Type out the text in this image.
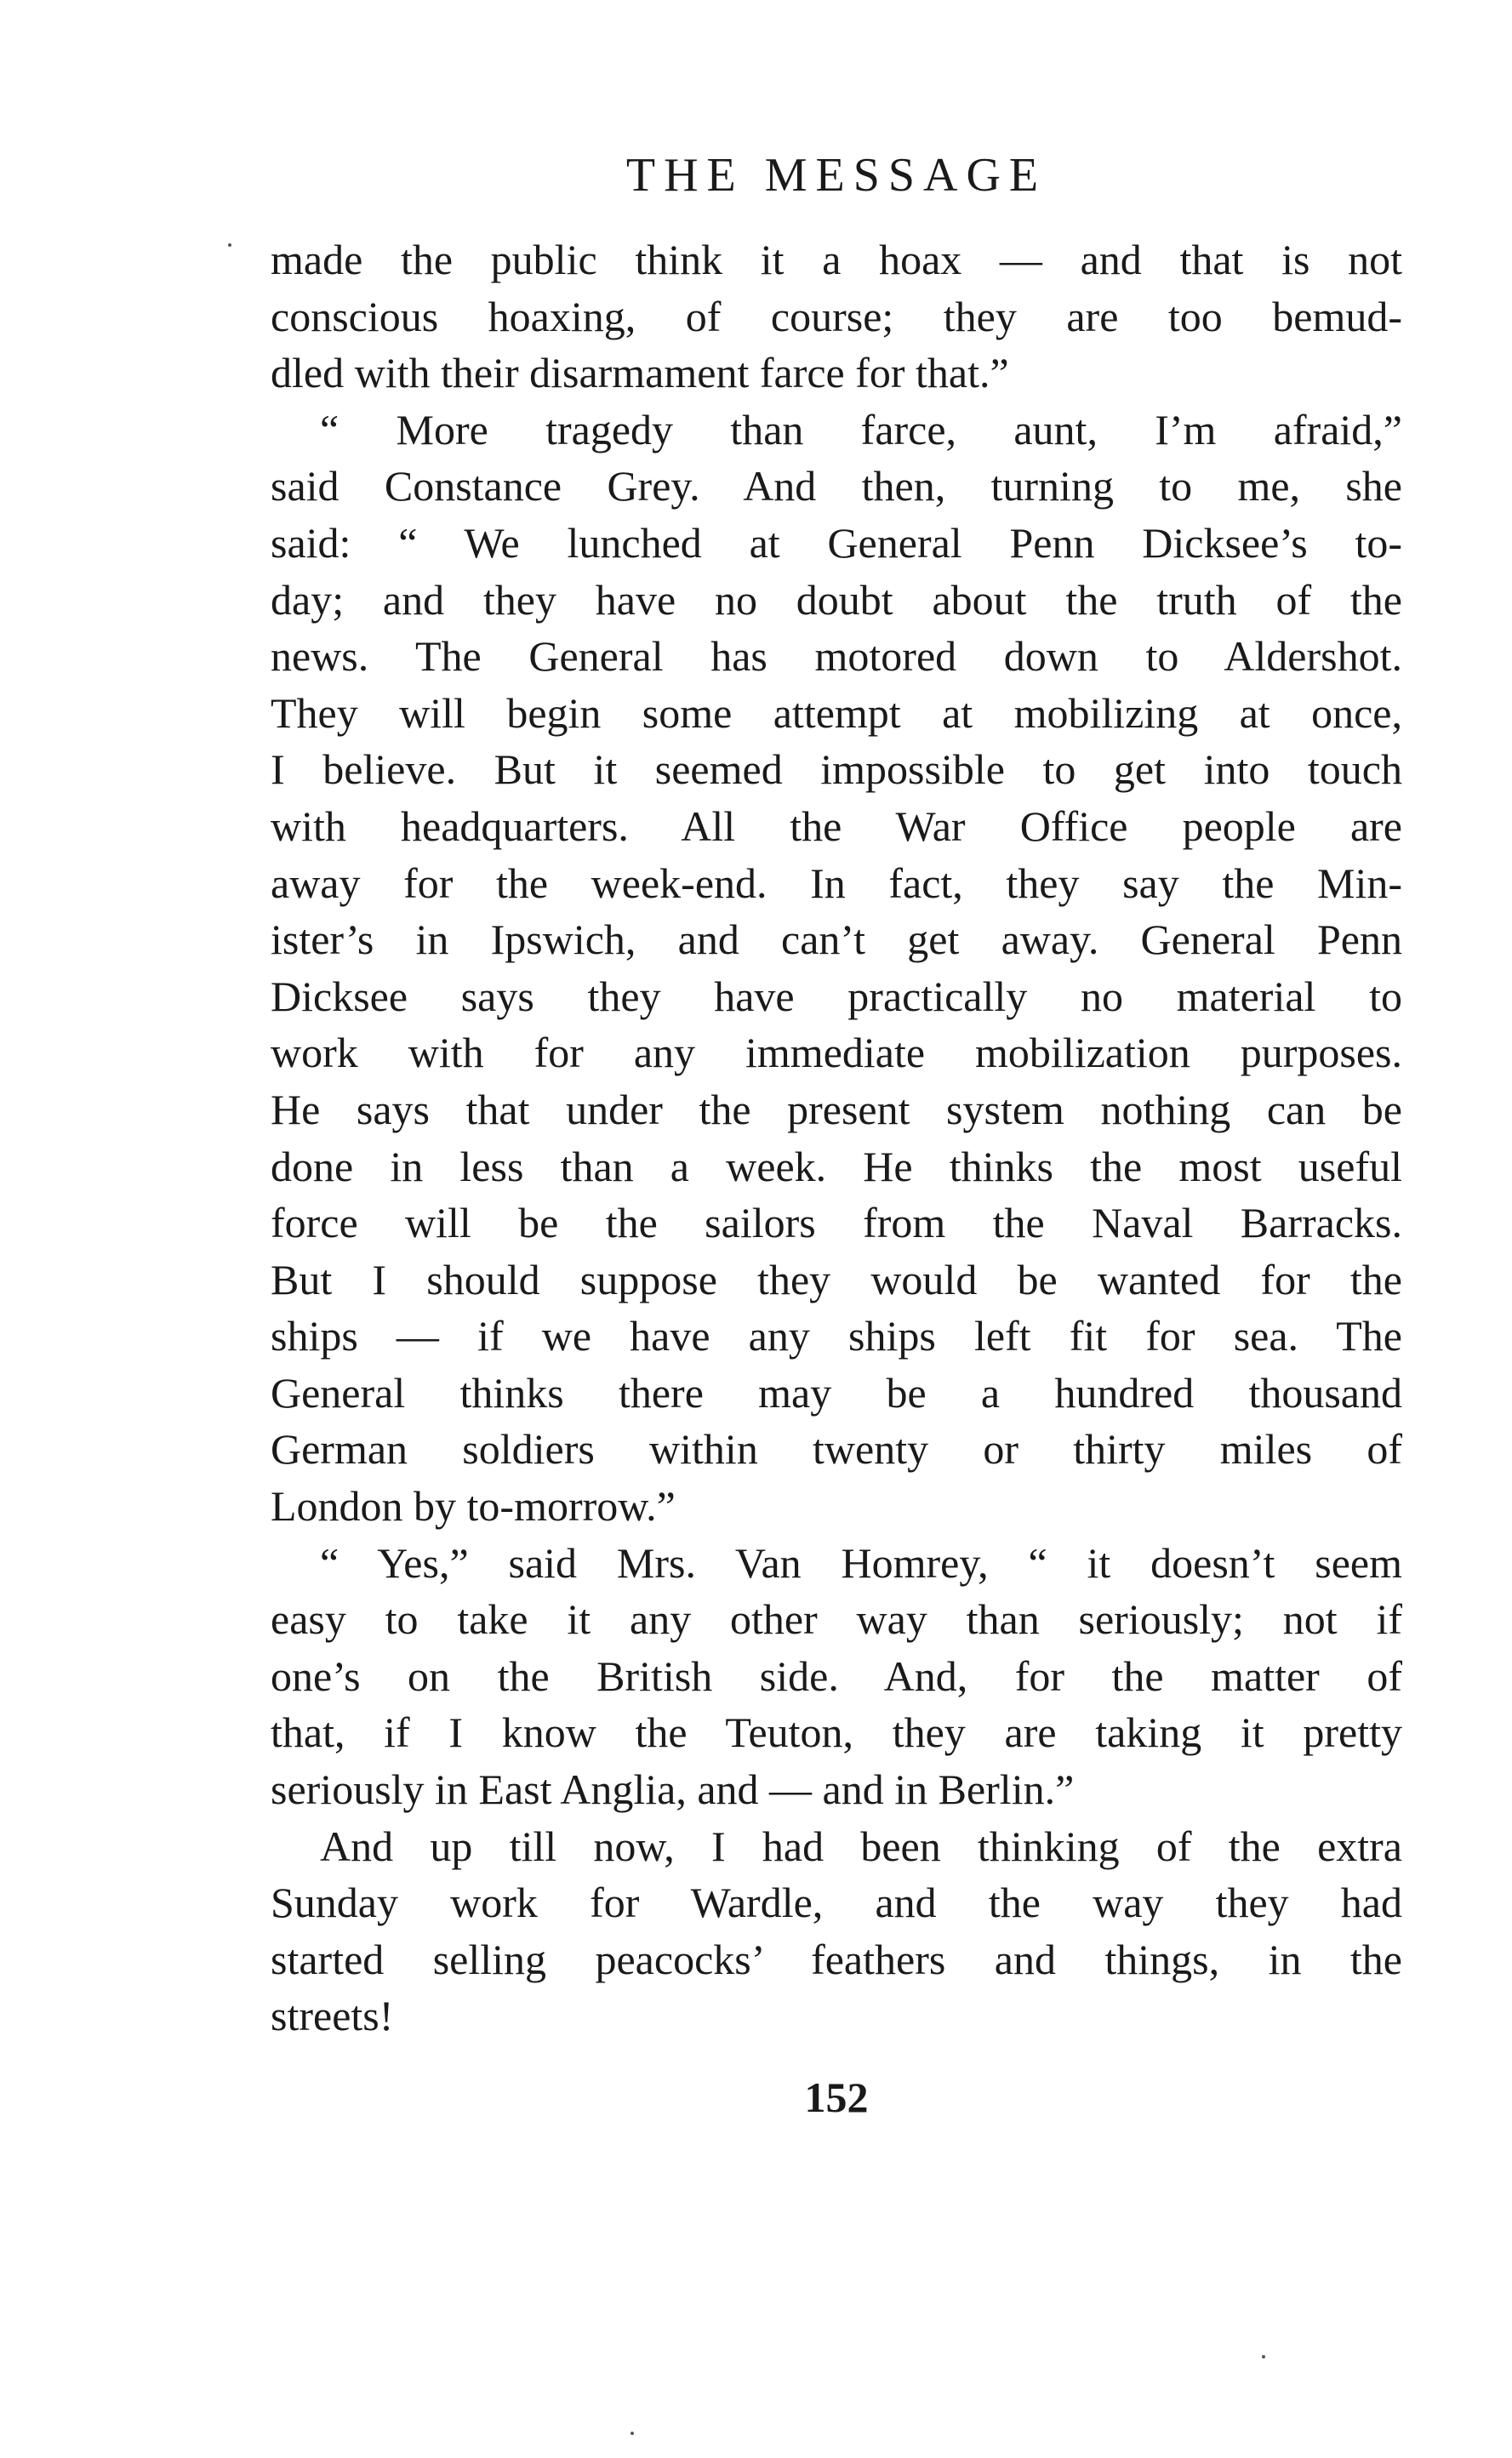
THE MESSAGE
made the public think it a hoax — and that is not
conscious hoaxing, of course; they are too bemud-
dled with their disarmament farce for that.”
“ More tragedy than farce, aunt, I’m afraid,”
said Constance Grey. And then, turning to me, she
said: “ We lunched at General Penn Dicksee’s to-
day; and they have no doubt about the truth of the
news. The General has motored down to Aldershot.
They will begin some attempt at mobilizing at once,
I believe. But it seemed impossible to get into touch
with headquarters. All the War Office people are
away for the week-end. In fact, they say the Min-
ister’s in Ipswich, and can’t get away. General Penn
Dicksee says they have practically no material to
work with for any immediate mobilization purposes.
He says that under the present system nothing can be
done in less than a week. He thinks the most useful
force will be the sailors from the Naval Barracks.
But I should suppose they would be wanted for the
ships — if we have any ships left fit for sea. The
General thinks there may be a hundred thousand
German soldiers within twenty or thirty miles of
London by to-morrow.”
“ Yes,” said Mrs. Van Homrey, “ it doesn’t seem
easy to take it any other way than seriously; not if
one’s on the British side. And, for the matter of
that, if I know the Teuton, they are taking it pretty
seriously in East Anglia, and — and in Berlin.”
And up till now, I had been thinking of the extra
Sunday work for Wardle, and the way they had
started selling peacocks’ feathers and things, in the
streets!
152
